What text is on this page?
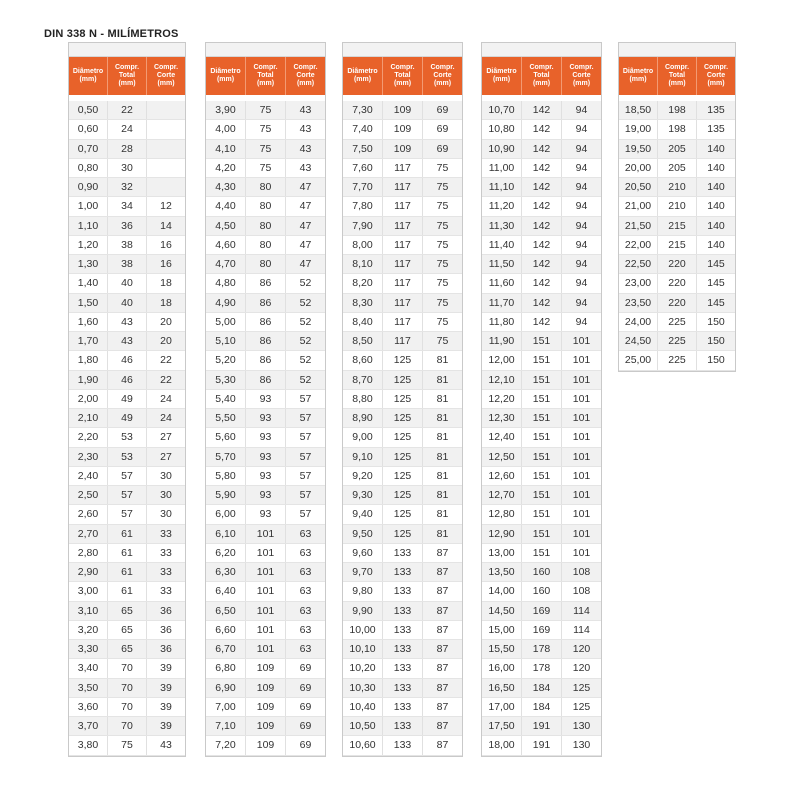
DIN 338 N - MILÍMETROS
Diâmetro
(mm)
Compr.
Total
(mm)
Compr.
Corte
(mm)
0,50	22
0,60	24
0,70	28
0,80	30
0,90	32
1,00	34	12
1,10	36	14
1,20	38	16
1,30	38	16
1,40	40	18
1,50	40	18
1,60	43	20
1,70	43	20
1,80	46	22
1,90	46	22
2,00	49	24
2,10	49	24
2,20	53	27
2,30	53	27
2,40	57	30
2,50	57	30
2,60	57	30
2,70	61	33
2,80	61	33
2,90	61	33
3,00	61	33
3,10	65	36
3,20	65	36
3,30	65	36
3,40	70	39
3,50	70	39
3,60	70	39
3,70	70	39
3,80	75	43
Diâmetro
(mm)
Compr.
Total
(mm)
Compr.
Corte
(mm)
3,90	75	43
4,00	75	43
4,10	75	43
4,20	75	43
4,30	80	47
4,40	80	47
4,50	80	47
4,60	80	47
4,70	80	47
4,80	86	52
4,90	86	52
5,00	86	52
5,10	86	52
5,20	86	52
5,30	86	52
5,40	93	57
5,50	93	57
5,60	93	57
5,70	93	57
5,80	93	57
5,90	93	57
6,00	93	57
6,10	101	63
6,20	101	63
6,30	101	63
6,40	101	63
6,50	101	63
6,60	101	63
6,70	101	63
6,80	109	69
6,90	109	69
7,00	109	69
7,10	109	69
7,20	109	69
Diâmetro
(mm)
Compr.
Total
(mm)
Compr.
Corte
(mm)
7,30	109	69
7,40	109	69
7,50	109	69
7,60	117	75
7,70	117	75
7,80	117	75
7,90	117	75
8,00	117	75
8,10	117	75
8,20	117	75
8,30	117	75
8,40	117	75
8,50	117	75
8,60	125	81
8,70	125	81
8,80	125	81
8,90	125	81
9,00	125	81
9,10	125	81
9,20	125	81
9,30	125	81
9,40	125	81
9,50	125	81
9,60	133	87
9,70	133	87
9,80	133	87
9,90	133	87
10,00	133	87
10,10	133	87
10,20	133	87
10,30	133	87
10,40	133	87
10,50	133	87
10,60	133	87
Diâmetro
(mm)
Compr.
Total
(mm)
Compr.
Corte
(mm)
10,70	142	94
10,80	142	94
10,90	142	94
11,00	142	94
11,10	142	94
11,20	142	94
11,30	142	94
11,40	142	94
11,50	142	94
11,60	142	94
11,70	142	94
11,80	142	94
11,90	151	101
12,00	151	101
12,10	151	101
12,20	151	101
12,30	151	101
12,40	151	101
12,50	151	101
12,60	151	101
12,70	151	101
12,80	151	101
12,90	151	101
13,00	151	101
13,50	160	108
14,00	160	108
14,50	169	114
15,00	169	114
15,50	178	120
16,00	178	120
16,50	184	125
17,00	184	125
17,50	191	130
18,00	191	130
Diâmetro
(mm)
Compr.
Total
(mm)
Compr.
Corte
(mm)
18,50	198	135
19,00	198	135
19,50	205	140
20,00	205	140
20,50	210	140
21,00	210	140
21,50	215	140
22,00	215	140
22,50	220	145
23,00	220	145
23,50	220	145
24,00	225	150
24,50	225	150
25,00	225	150
